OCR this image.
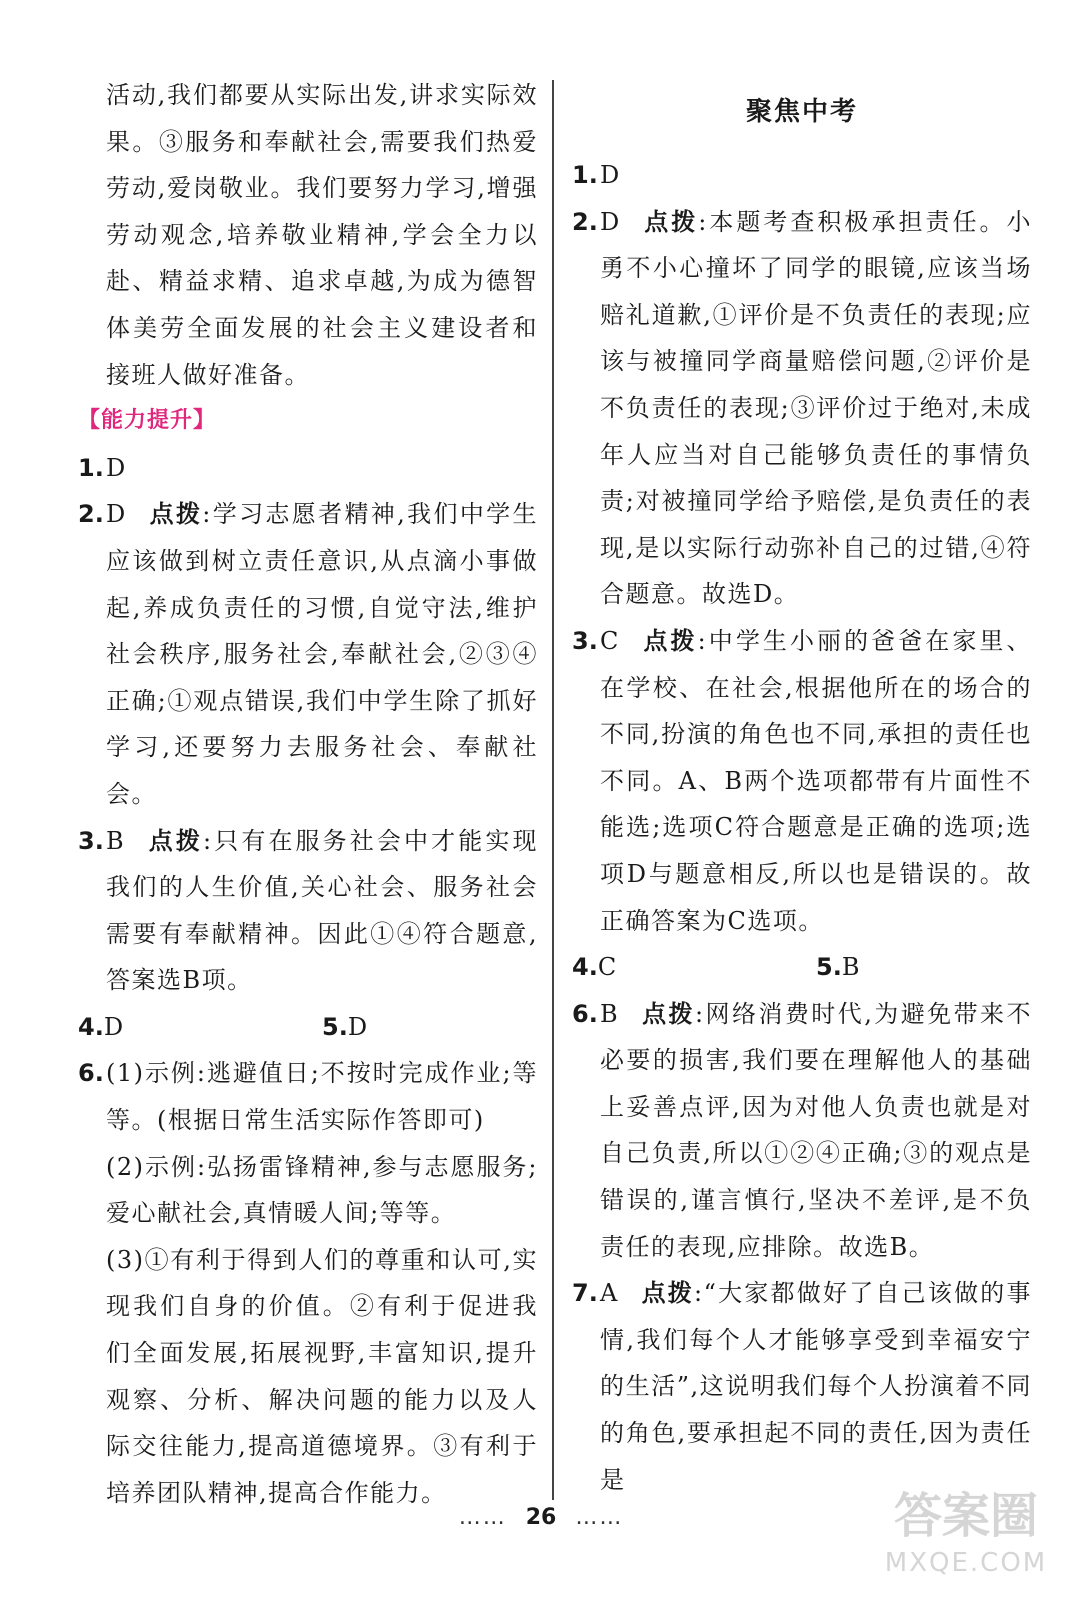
活动,我们都要从实际出发,讲求实际效果。③服务和奉献社会,需要我们热爱劳动,爱岗敬业。我们要努力学习,增强劳动观念,培养敬业精神,学会全力以赴、精益求精、追求卓越,为成为德智体美劳全面发展的社会主义建设者和接班人做好准备。

【能力提升】
1. D

2. D 点拨:学习志愿者精神,我们中学生应该做到树立责任意识,从点滴小事做起,养成负责任的习惯,自觉守法,维护社会秩序,服务社会,奉献社会,②③④正确;①观点错误,我们中学生除了抓好学习,还要努力去服务社会、奉献社会。

3. B 点拨:只有在服务社会中才能实现我们的人生价值,关心社会、服务社会需要有奉献精神。因此①④符合题意,答案选B项。

4. D	5. D
6. (1)示例:逃避值日;不按时完成作业;等等。(根据日常生活实际作答即可)

(2)示例:弘扬雷锋精神,参与志愿服务;爱心献社会,真情暖人间;等等。

(3)①有利于得到人们的尊重和认可,实现我们自身的价值。②有利于促进我们全面发展,拓展视野,丰富知识,提升观察、分析、解决问题的能力以及人际交往能力,提高道德境界。③有利于培养团队精神,提高合作能力。

聚焦中考
1. D

2. D 点拨:本题考查积极承担责任。小勇不小心撞坏了同学的眼镜,应该当场赔礼道歉,①评价是不负责任的表现;应该与被撞同学商量赔偿问题,②评价是不负责任的表现;③评价过于绝对,未成年人应当对自己能够负责任的事情负责;对被撞同学给予赔偿,是负责任的表现,是以实际行动弥补自己的过错,④符合题意。故选D。

3. C 点拨:中学生小丽的爸爸在家里、在学校、在社会,根据他所在的场合的不同,扮演的角色也不同,承担的责任也不同。A、B两个选项都带有片面性不能选;选项C符合题意是正确的选项;选项D与题意相反,所以也是错误的。故正确答案为C选项。

4. C	5. B
6. B 点拨:网络消费时代,为避免带来不必要的损害,我们要在理解他人的基础上妥善点评,因为对他人负责也就是对自己负责,所以①②④正确;③的观点是错误的,谨言慎行,坚决不差评,是不负责任的表现,应排除。故选B。

7. A 点拨:“大家都做好了自己该做的事情,我们每个人才能够享受到幸福安宁的生活”,这说明我们每个人扮演着不同的角色,要承担起不同的责任,因为责任是

…… 26 ……	答案圈
MXQE.COM
